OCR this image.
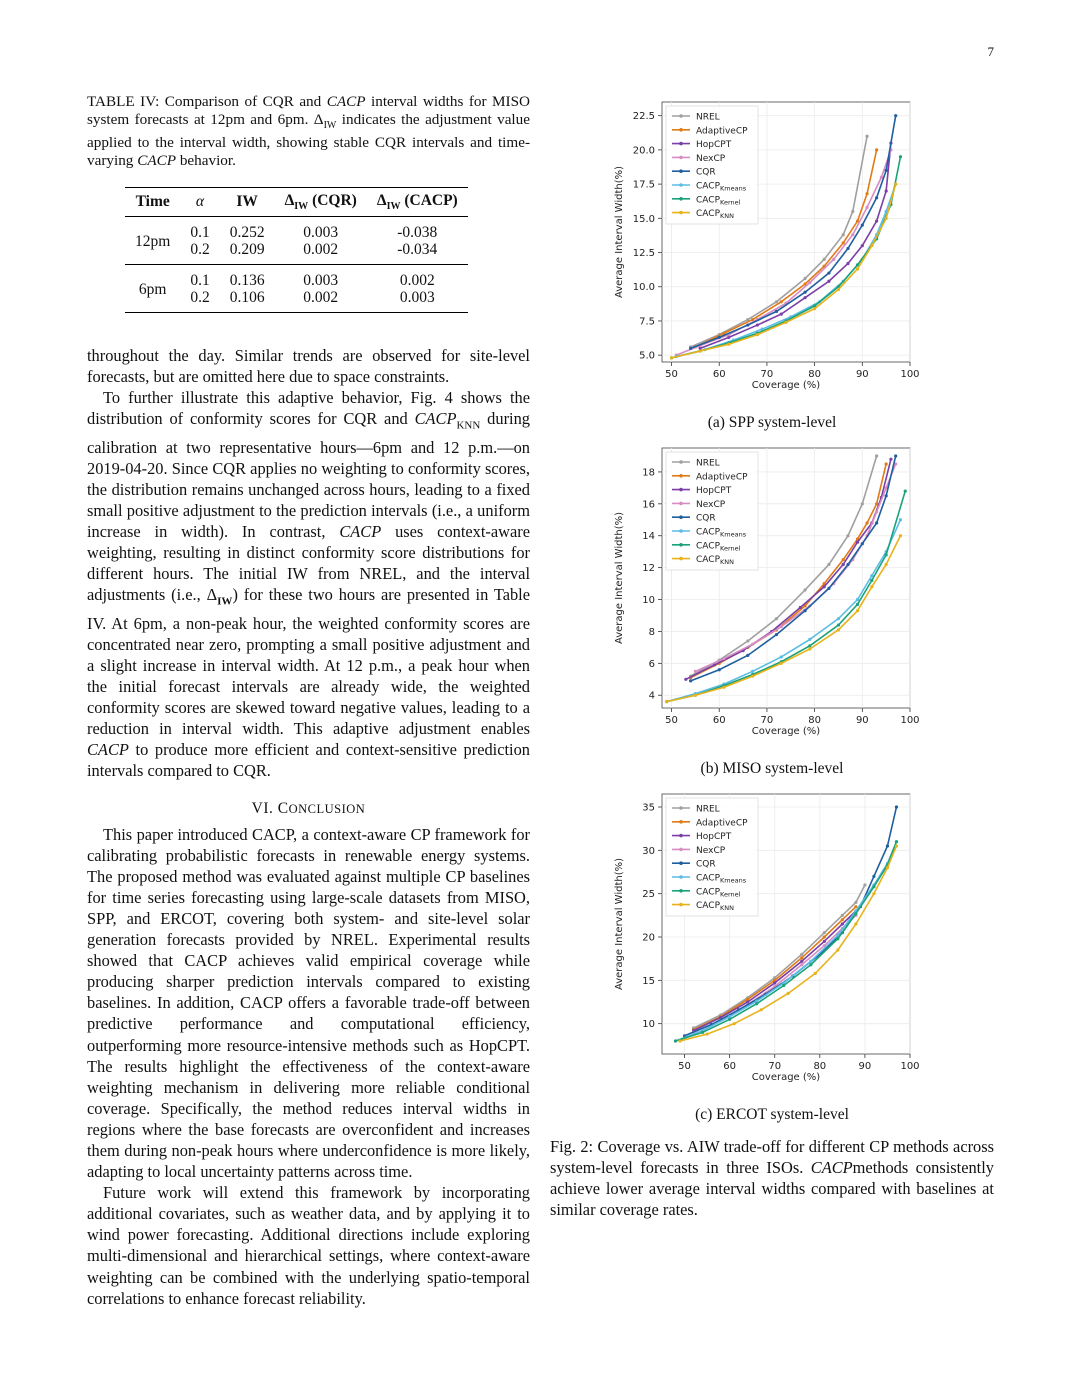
7

TABLE IV: Comparison of CQR and CACP interval widths for MISO system forecasts at 12pm and 6pm. $\Delta_{IW}$ indicates the adjustment value applied to the interval width, showing stable CQR intervals and time-varying CACP behavior.

Time	α	IW	$\Delta_{IW}$ (CQR)	$\Delta_{IW}$ (CACP)
12pm	0.1	0.252	0.003	-0.038
	0.2	0.209	0.002	-0.034
6pm	0.1	0.136	0.003	0.002
	0.2	0.106	0.002	0.003

throughout the day. Similar trends are observed for site-level forecasts, but are omitted here due to space constraints.

To further illustrate this adaptive behavior, Fig. 4 shows the distribution of conformity scores for CQR and $CACP_{KNN}$ during calibration at two representative hours—6pm and 12 p.m.—on 2019-04-20. Since CQR applies no weighting to conformity scores, the distribution remains unchanged across hours, leading to a fixed small positive adjustment to the prediction intervals (i.e., a uniform increase in width). In contrast, CACP uses context-aware weighting, resulting in distinct conformity score distributions for different hours. The initial IW from NREL, and the interval adjustments (i.e., $\Delta_{IW}$) for these two hours are presented in Table IV. At 6pm, a non-peak hour, the weighted conformity scores are concentrated near zero, prompting a small positive adjustment and a slight increase in interval width. At 12 p.m., a peak hour when the initial forecast intervals are already wide, the weighted conformity scores are skewed toward negative values, leading to a reduction in interval width. This adaptive adjustment enables CACP to produce more efficient and context-sensitive prediction intervals compared to CQR.

VI. CONCLUSION

This paper introduced CACP, a context-aware CP framework for calibrating probabilistic forecasts in renewable energy systems. The proposed method was evaluated against multiple CP baselines for time series forecasting using large-scale datasets from MISO, SPP, and ERCOT, covering both system- and site-level solar generation forecasts provided by NREL. Experimental results showed that CACP achieves valid empirical coverage while producing sharper prediction intervals compared to existing baselines. In addition, CACP offers a favorable trade-off between predictive performance and computational efficiency, outperforming more resource-intensive methods such as HopCPT. The results highlight the effectiveness of the context-aware weighting mechanism in delivering more reliable conditional coverage. Specifically, the method reduces interval widths in regions where the base forecasts are overconfident and increases them during non-peak hours where underconfidence is more likely, adapting to local uncertainty patterns across time.

Future work will extend this framework by incorporating additional covariates, such as weather data, and by applying it to wind power forecasting. Additional directions include exploring multi-dimensional and hierarchical settings, where context-aware weighting can be combined with the underlying spatio-temporal correlations to enhance forecast reliability.

50	60	70	80	90	100
5.0
7.5
10.0
12.5
15.0
17.5
20.0
22.5
Coverage (%)
Average Interval Width(%)
NREL
AdaptiveCP
HopCPT
NexCP
CQR
$CACP_{Kmeans}$
$CACP_{Kernel}$
$CACP_{KNN}$
(a) SPP system-level
50	60	70	80	90	100
4
6
8
10
12
14
16
18
Coverage (%)
Average Interval Width(%)
NREL
AdaptiveCP
HopCPT
NexCP
CQR
$CACP_{Kmeans}$
$CACP_{Kernel}$
$CACP_{KNN}$
(b) MISO system-level
50	60	70	80	90	100
10
15
20
25
30
35
Coverage (%)
Average Interval Width(%)
NREL
AdaptiveCP
HopCPT
NexCP
CQR
$CACP_{Kmeans}$
$CACP_{Kernel}$
$CACP_{KNN}$
(c) ERCOT system-level
Fig. 2: Coverage vs. AIW trade-off for different CP methods across system-level forecasts in three ISOs. CACPmethods consistently achieve lower average interval widths compared with baselines at similar coverage rates.
